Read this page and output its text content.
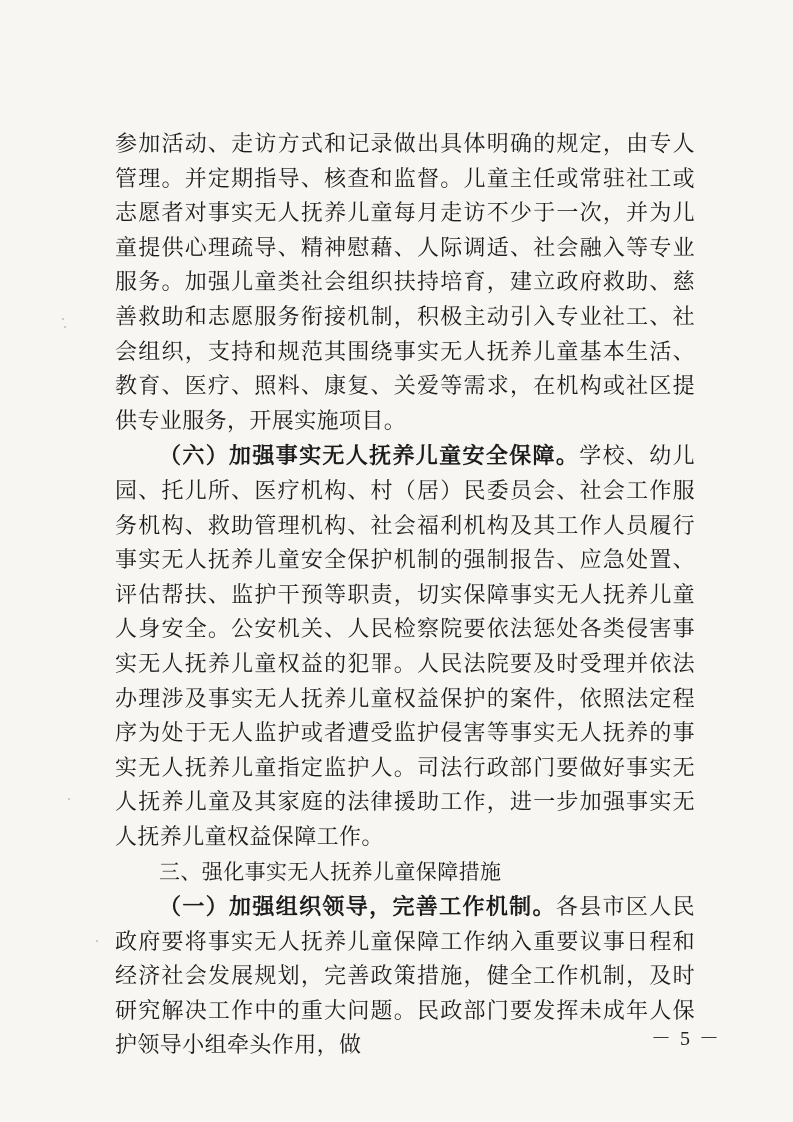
参加活动、走访方式和记录做出具体明确的规定，由专人管理。并定期指导、核查和监督。儿童主任或常驻社工或志愿者对事实无人抚养儿童每月走访不少于一次，并为儿童提供心理疏导、精神慰藉、人际调适、社会融入等专业服务。加强儿童类社会组织扶持培育，建立政府救助、慈善救助和志愿服务衔接机制，积极主动引入专业社工、社会组织，支持和规范其围绕事实无人抚养儿童基本生活、教育、医疗、照料、康复、关爱等需求，在机构或社区提供专业服务，开展实施项目。

（六）加强事实无人抚养儿童安全保障。学校、幼儿园、托儿所、医疗机构、村（居）民委员会、社会工作服务机构、救助管理机构、社会福利机构及其工作人员履行事实无人抚养儿童安全保护机制的强制报告、应急处置、评估帮扶、监护干预等职责，切实保障事实无人抚养儿童人身安全。公安机关、人民检察院要依法惩处各类侵害事实无人抚养儿童权益的犯罪。人民法院要及时受理并依法办理涉及事实无人抚养儿童权益保护的案件，依照法定程序为处于无人监护或者遭受监护侵害等事实无人抚养的事实无人抚养儿童指定监护人。司法行政部门要做好事实无人抚养儿童及其家庭的法律援助工作，进一步加强事实无人抚养儿童权益保障工作。

三、强化事实无人抚养儿童保障措施

（一）加强组织领导，完善工作机制。各县市区人民政府要将事实无人抚养儿童保障工作纳入重要议事日程和经济社会发展规划，完善政策措施，健全工作机制，及时研究解决工作中的重大问题。民政部门要发挥未成年人保护领导小组牵头作用，做	－ 5 －
